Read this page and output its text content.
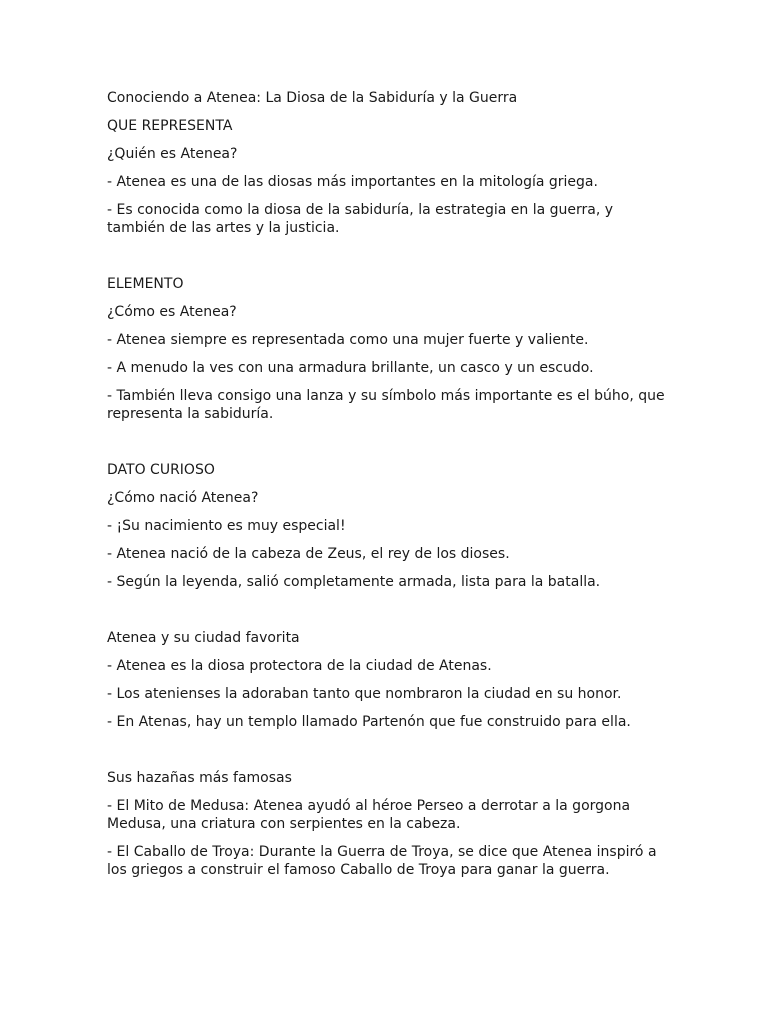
Conociendo a Atenea: La Diosa de la Sabiduría y la Guerra

QUE REPRESENTA

¿Quién es Atenea?

- Atenea es una de las diosas más importantes en la mitología griega.

- Es conocida como la diosa de la sabiduría, la estrategia en la guerra, y también de las artes y la justicia.

ELEMENTO

¿Cómo es Atenea?

- Atenea siempre es representada como una mujer fuerte y valiente.

- A menudo la ves con una armadura brillante, un casco y un escudo.

- También lleva consigo una lanza y su símbolo más importante es el búho, que representa la sabiduría.

DATO CURIOSO

¿Cómo nació Atenea?

- ¡Su nacimiento es muy especial!

- Atenea nació de la cabeza de Zeus, el rey de los dioses.

- Según la leyenda, salió completamente armada, lista para la batalla.

Atenea y su ciudad favorita

- Atenea es la diosa protectora de la ciudad de Atenas.

- Los atenienses la adoraban tanto que nombraron la ciudad en su honor.

- En Atenas, hay un templo llamado Partenón que fue construido para ella.

Sus hazañas más famosas

- El Mito de Medusa: Atenea ayudó al héroe Perseo a derrotar a la gorgona Medusa, una criatura con serpientes en la cabeza.

- El Caballo de Troya: Durante la Guerra de Troya, se dice que Atenea inspiró a los griegos a construir el famoso Caballo de Troya para ganar la guerra.
